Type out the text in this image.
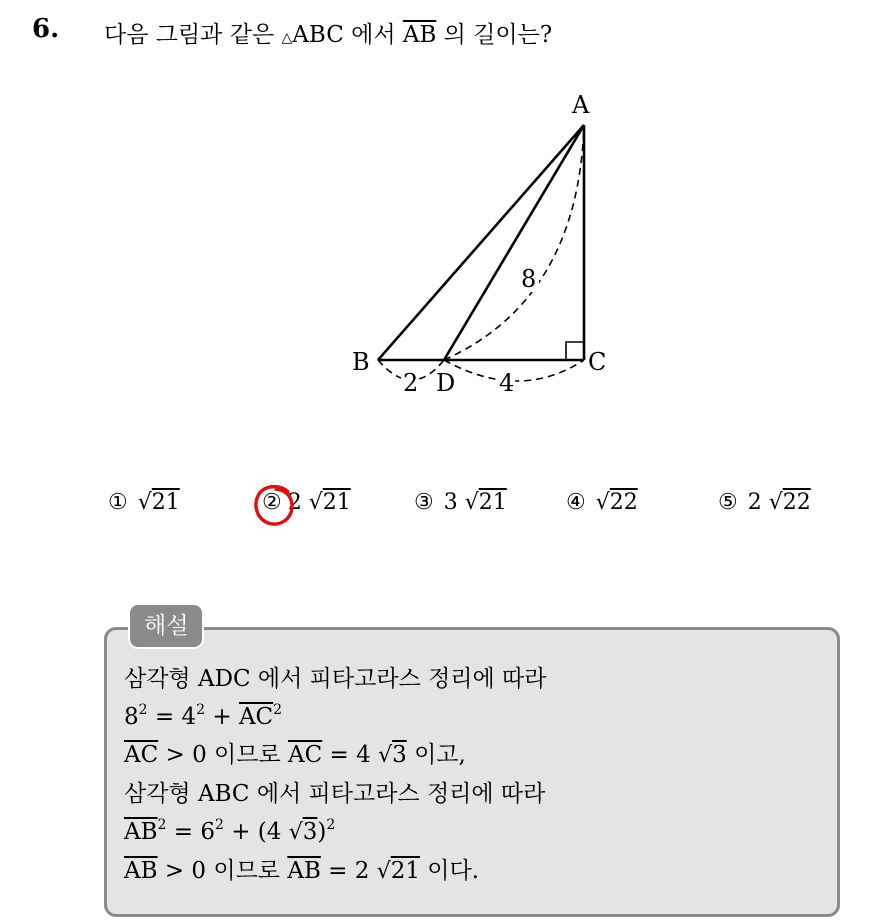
6. 다음 그림과 같은 △ABC 에서 $\overline{AB}$ 의 길이는?
A
B	C
D
8
2	4
① √21	② 2 √21	③ 3 √21	④ √22	⑤ 2 √22
해설
삼각형 ADC 에서 피타고라스 정리에 따라
$8^2 = 4^2 + \overline{AC}^2$
$\overline{AC} > 0$ 이므로 $\overline{AC} = 4$ √3 이고,
삼각형 ABC 에서 피타고라스 정리에 따라
$\overline{AB}^2 = 6^2 + (4$ √3)$^2$
$\overline{AB} > 0$ 이므로 $\overline{AB} = 2$ √21 이다.
